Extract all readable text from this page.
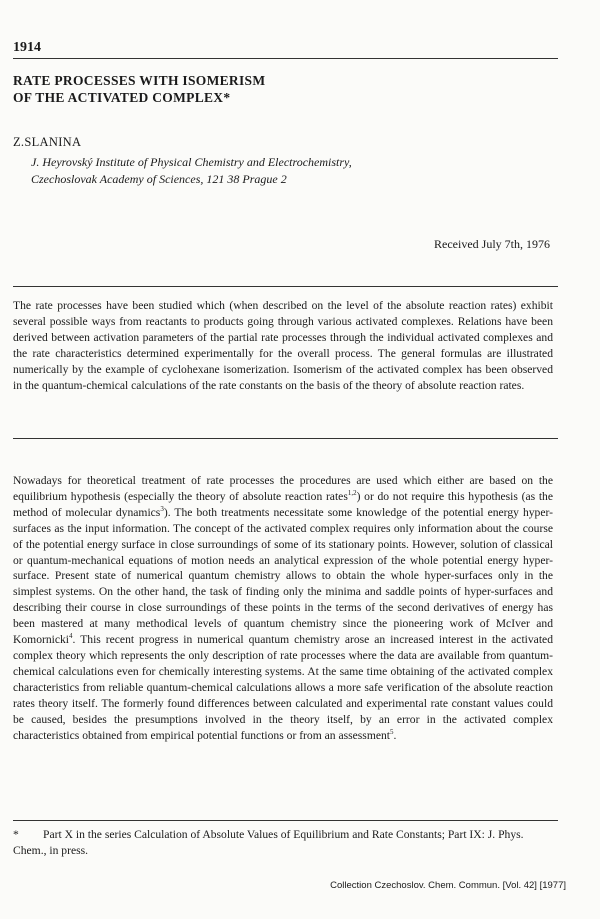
1914
RATE PROCESSES WITH ISOMERISM
OF THE ACTIVATED COMPLEX*
Z.SLANINA
J. Heyrovský Institute of Physical Chemistry and Electrochemistry,
Czechoslovak Academy of Sciences, 121 38 Prague 2
Received July 7th, 1976
The rate processes have been studied which (when described on the level of the absolute reaction rates) exhibit several possible ways from reactants to products going through various activated complexes. Relations have been derived between activation parameters of the partial rate processes through the individual activated complexes and the rate characteristics determined experimentally for the overall process. The general formulas are illustrated numerically by the example of cyclohexane isomerization. Isomerism of the activated complex has been observed in the quantum-chemical calculations of the rate constants on the basis of the theory of absolute reaction rates.
Nowadays for theoretical treatment of rate processes the procedures are used which either are based on the equilibrium hypothesis (especially the theory of absolute reaction rates$^{1,2}$) or do not require this hypothesis (as the method of molecular dynamics$^3$). The both treatments necessitate some knowledge of the potential energy hyper-surfaces as the input information. The concept of the activated complex requires only information about the course of the potential energy surface in close surroundings of some of its stationary points. However, solution of classical or quantum-mechanical equations of motion needs an analytical expression of the whole potential energy hyper-surface. Present state of numerical quantum chemistry allows to obtain the whole hyper-surfaces only in the simplest systems. On the other hand, the task of finding only the minima and saddle points of hyper-surfaces and describing their course in close surroundings of these points in the terms of the second derivatives of energy has been mastered at many methodical levels of quantum chemistry since the pioneering work of McIver and Komornicki$^4$. This recent progress in numerical quantum chemistry arose an increased interest in the activated complex theory which represents the only description of rate processes where the data are available from quantum-chemical calculations even for chemically interesting systems. At the same time obtaining of the activated complex characteristics from reliable quantum-chemical calculations allows a more safe verification of the absolute reaction rates theory itself. The formerly found differences between calculated and experimental rate constant values could be caused, besides the presumptions involved in the theory itself, by an error in the activated complex characteristics obtained from empirical potential functions or from an assessment$^5$.
* Part X in the series Calculation of Absolute Values of Equilibrium and Rate Constants; Part IX: J. Phys. Chem., in press.
Collection Czechoslov. Chem. Commun. [Vol. 42] [1977]
